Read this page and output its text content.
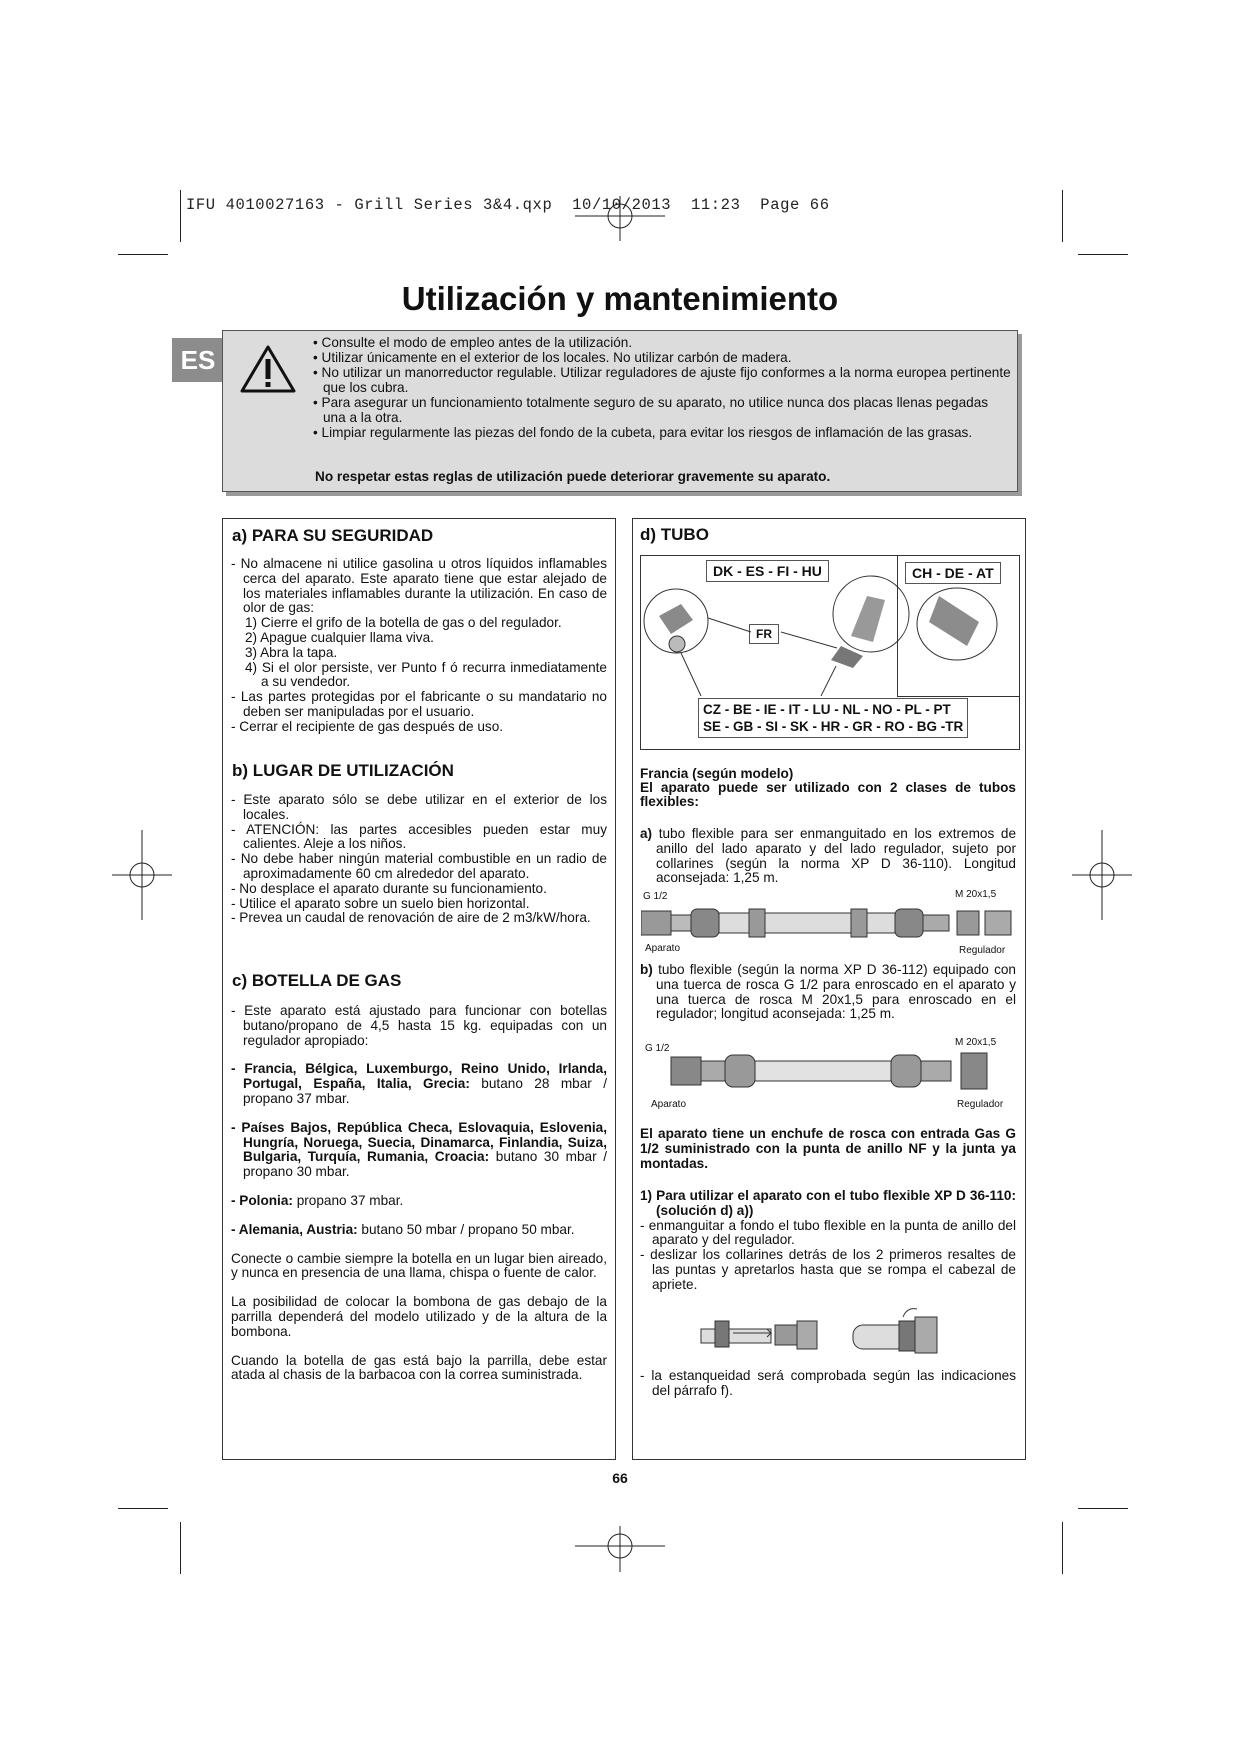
IFU 4010027163 - Grill Series 3&4.qxp  10/10/2013  11:23  Page 66
Utilización y mantenimiento
ES
• Consulte el modo de empleo antes de la utilización.
• Utilizar únicamente en el exterior de los locales. No utilizar carbón de madera.
• No utilizar un manorreductor regulable. Utilizar reguladores de ajuste fijo conformes a la norma europea pertinente que los cubra.
• Para asegurar un funcionamiento totalmente seguro de su aparato, no utilice nunca dos placas llenas pegadas una a la otra.
• Limpiar regularmente las piezas del fondo de la cubeta, para evitar los riesgos de inflamación de las grasas.
No respetar estas reglas de utilización puede deteriorar gravemente su aparato.
a) PARA SU SEGURIDAD
- No almacene ni utilice gasolina u otros líquidos inflamables cerca del aparato. Este aparato tiene que estar alejado de los materiales inflamables durante la utilización. En caso de olor de gas:
1) Cierre el grifo de la botella de gas o del regulador.
2) Apague cualquier llama viva.
3) Abra la tapa.
4) Si el olor persiste, ver Punto f ó recurra inmediatamente a su vendedor.
- Las partes protegidas por el fabricante o su mandatario no deben ser manipuladas por el usuario.
- Cerrar el recipiente de gas después de uso.
b) LUGAR DE UTILIZACIÓN
- Este aparato sólo se debe utilizar en el exterior de los locales.
- ATENCIÓN: las partes accesibles pueden estar muy calientes. Aleje a los niños.
- No debe haber ningún material combustible en un radio de aproximadamente 60 cm alrededor del aparato.
- No desplace el aparato durante su funcionamiento.
- Utilice el aparato sobre un suelo bien horizontal.
- Prevea un caudal de renovación de aire de 2 m3/kW/hora.
c) BOTELLA DE GAS
- Este aparato está ajustado para funcionar con botellas butano/propano de 4,5 hasta 15 kg. equipadas con un regulador apropiado:
- Francia, Bélgica, Luxemburgo, Reino Unido, Irlanda, Portugal, España, Italia, Grecia: butano 28 mbar / propano 37 mbar.
- Países Bajos, República Checa, Eslovaquia, Eslovenia, Hungría, Noruega, Suecia, Dinamarca, Finlandia, Suiza, Bulgaria, Turquía, Rumania, Croacia: butano 30 mbar / propano 30 mbar.
- Polonia: propano 37 mbar.
- Alemania, Austria: butano 50 mbar / propano 50 mbar.

Conecte o cambie siempre la botella en un lugar bien aireado, y nunca en presencia de una llama, chispa o fuente de calor.

La posibilidad de colocar la bombona de gas debajo de la parrilla dependerá del modelo utilizado y de la altura de la bombona.

Cuando la botella de gas está bajo la parrilla, debe estar atada al chasis de la barbacoa con la correa suministrada.

d) TUBO
DK - ES - FI - HU	CH - DE - AT
FR
CZ - BE - IE - IT - LU - NL - NO - PL - PT
SE - GB - SI - SK - HR - GR - RO - BG -TR
Francia (según modelo)
El aparato puede ser utilizado con 2 clases de tubos flexibles:

a) tubo flexible para ser enmanguitado en los extremos de anillo del lado aparato y del lado regulador, sujeto por collarines (según la norma XP D 36-110). Longitud aconsejada: 1,25 m.

G 1/2	M 20x1,5
Aparato	Regulador

b) tubo flexible (según la norma XP D 36-112) equipado con una tuerca de rosca G 1/2 para enroscado en el aparato y una tuerca de rosca M 20x1,5 para enroscado en el regulador; longitud aconsejada: 1,25 m.

G 1/2
M 20x1,5
Aparato	Regulador
El aparato tiene un enchufe de rosca con entrada Gas G 1/2 suministrado con la punta de anillo NF y la junta ya montadas.

1) Para utilizar el aparato con el tubo flexible XP D 36-110: (solución d) a))

- enmanguitar a fondo el tubo flexible en la punta de anillo del aparato y del regulador.
- deslizar los collarines detrás de los 2 primeros resaltes de las puntas y apretarlos hasta que se rompa el cabezal de apriete.
- la estanqueidad será comprobada según las indicaciones del párrafo f).
66
